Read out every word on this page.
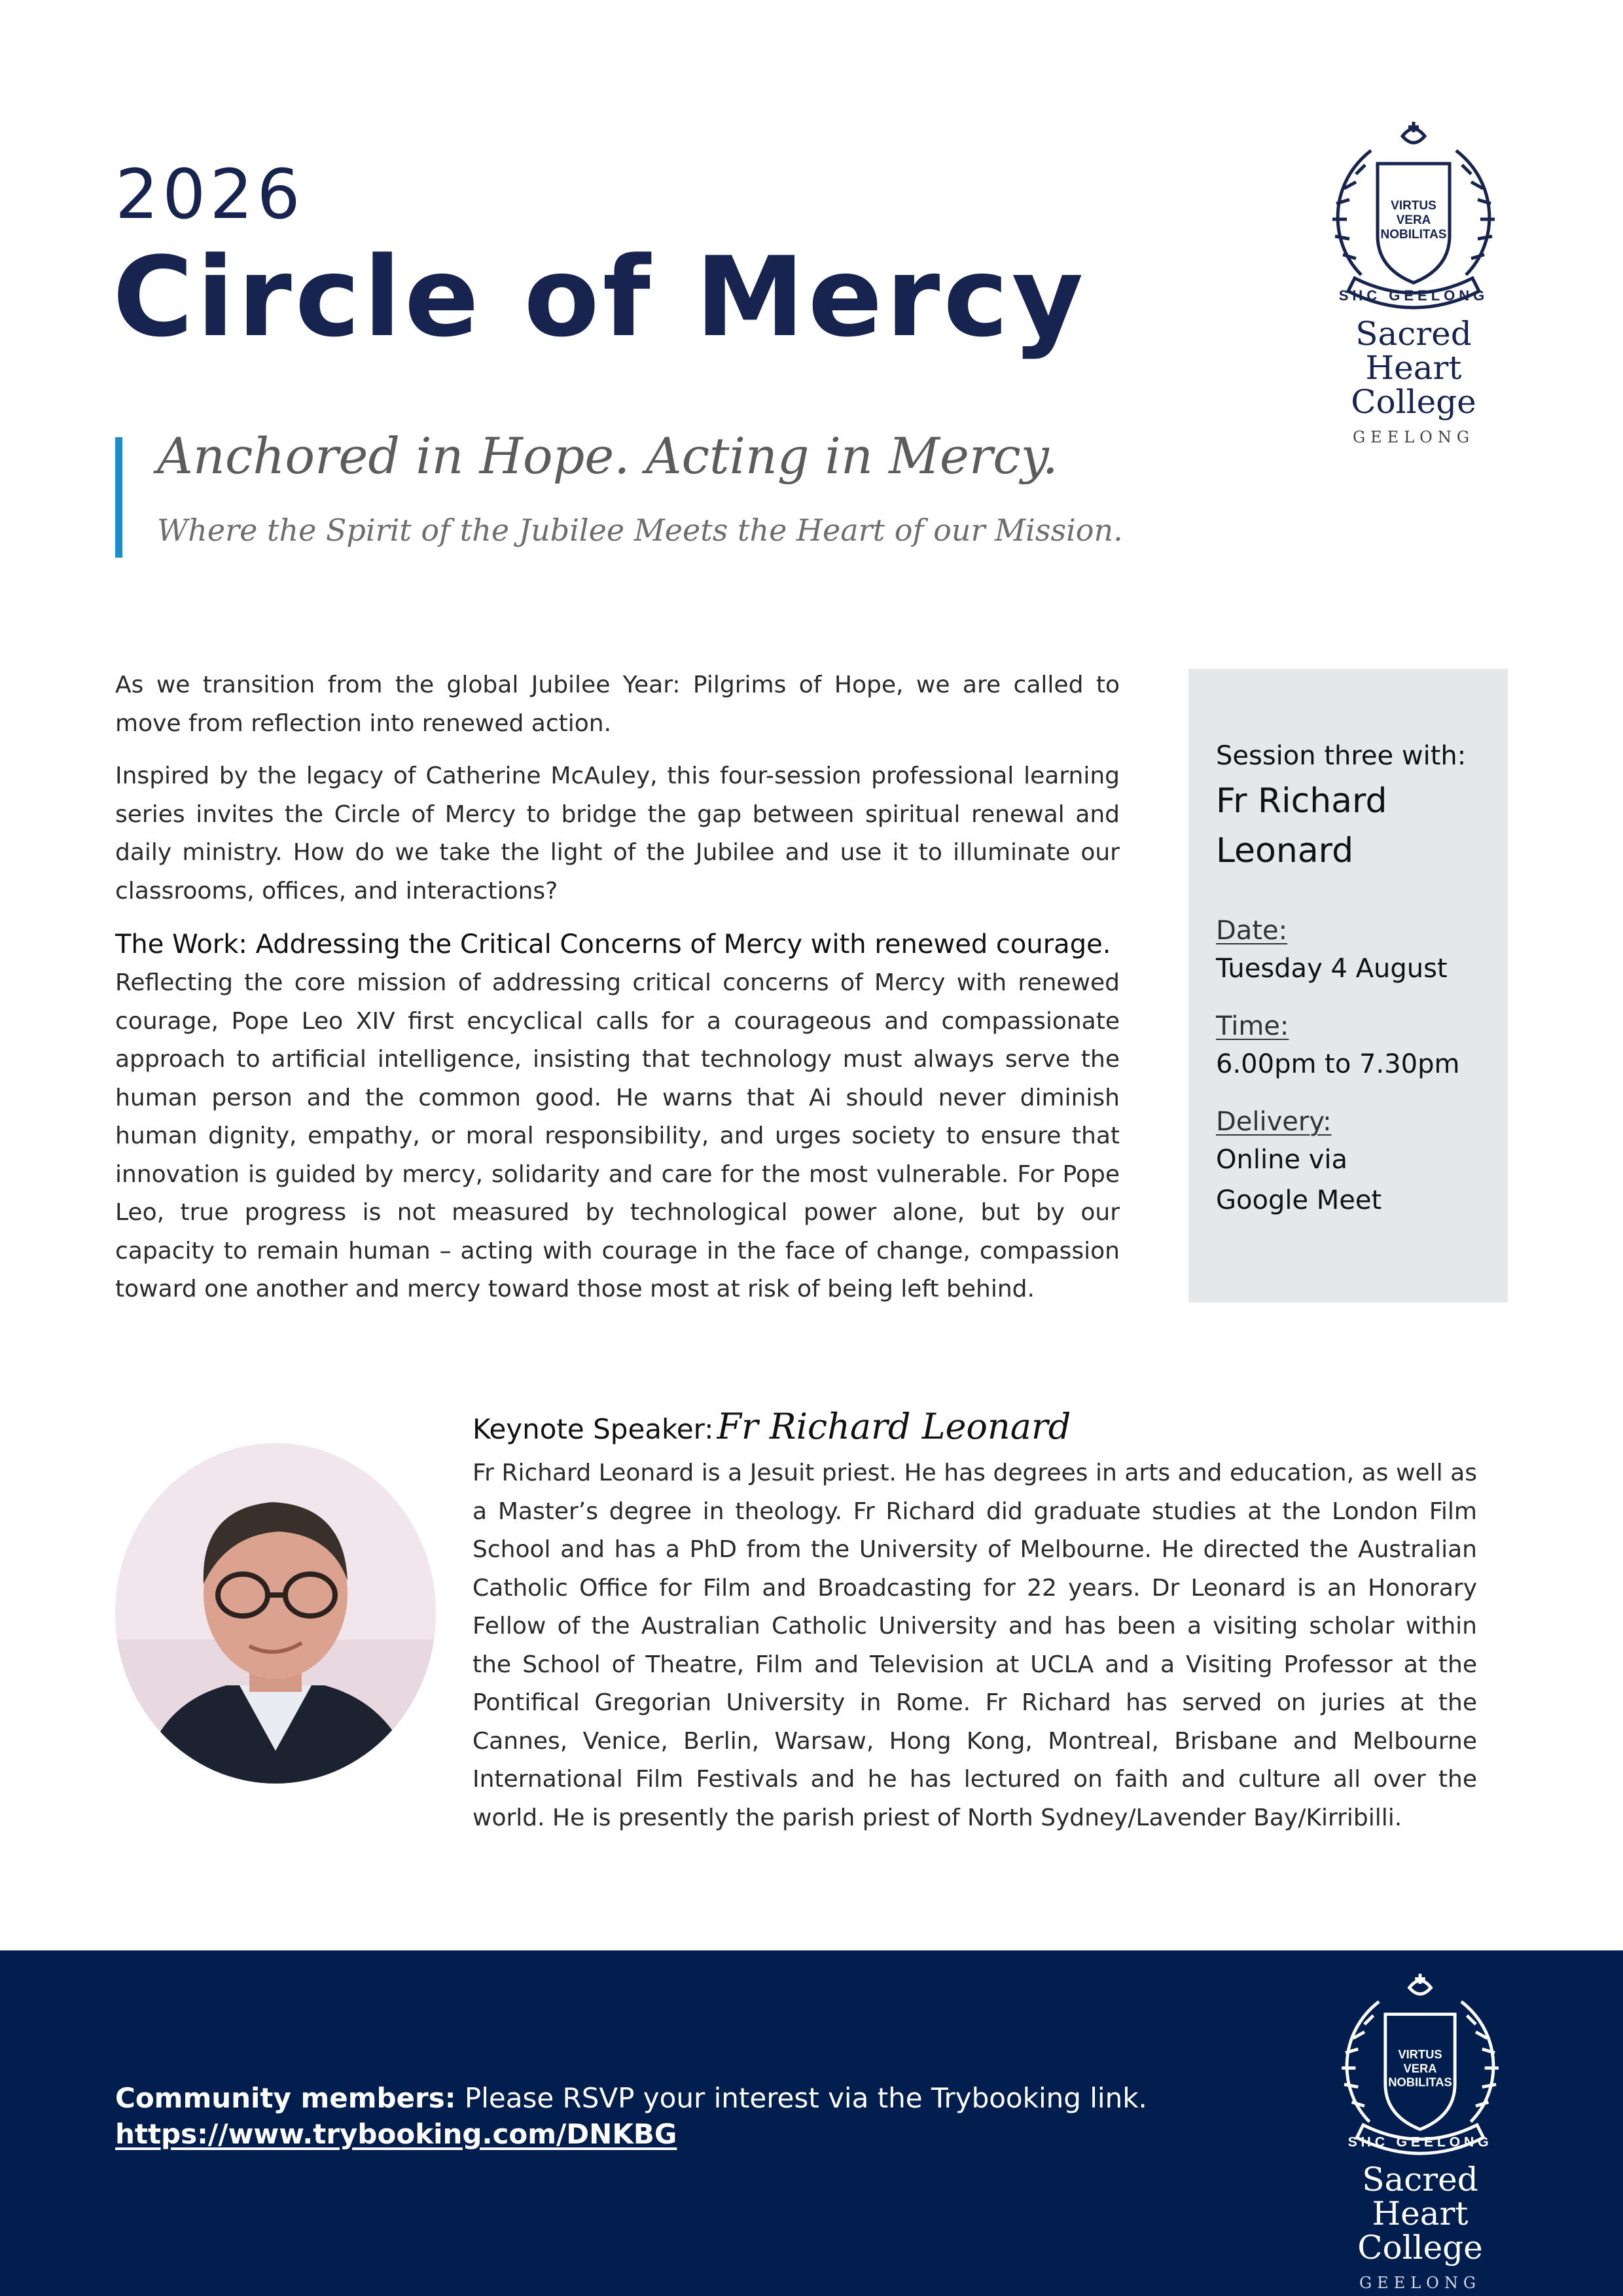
2026
Circle of Mercy
Anchored in Hope. Acting in Mercy.
Where the Spirit of the Jubilee Meets the Heart of our Mission.
VIRTUS
VERA
NOBILITAS
SHC GEELONG
Sacred Heart
College
GEELONG

As we transition from the global Jubilee Year: Pilgrims of Hope, we are called to move from reflection into renewed action.

Inspired by the legacy of Catherine McAuley, this four-session professional learning series invites the Circle of Mercy to bridge the gap between spiritual renewal and daily ministry. How do we take the light of the Jubilee and use it to illuminate our classrooms, offices, and interactions?

The Work: Addressing the Critical Concerns of Mercy with renewed courage.

Reflecting the core mission of addressing critical concerns of Mercy with renewed courage, Pope Leo XIV first encyclical calls for a courageous and compassionate approach to artificial intelligence, insisting that technology must always serve the human person and the common good. He warns that Ai should never diminish human dignity, empathy, or moral responsibility, and urges society to ensure that innovation is guided by mercy, solidarity and care for the most vulnerable. For Pope Leo, true progress is not measured by technological power alone, but by our capacity to remain human – acting with courage in the face of change, compassion toward one another and mercy toward those most at risk of being left behind.

Session three with:
Fr Richard
Leonard
Date:
Tuesday 4 August
Time:
6.00pm to 7.30pm
Delivery:
Online via
Google Meet
Keynote Speaker: Fr Richard Leonard
Fr Richard Leonard is a Jesuit priest. He has degrees in arts and education, as well as a Master’s degree in theology. Fr Richard did graduate studies at the London Film School and has a PhD from the University of Melbourne. He directed the Australian Catholic Office for Film and Broadcasting for 22 years. Dr Leonard is an Honorary Fellow of the Australian Catholic University and has been a visiting scholar within the School of Theatre, Film and Television at UCLA and a Visiting Professor at the Pontifical Gregorian University in Rome. Fr Richard has served on juries at the Cannes, Venice, Berlin, Warsaw, Hong Kong, Montreal, Brisbane and Melbourne International Film Festivals and he has lectured on faith and culture all over the world. He is presently the parish priest of North Sydney/Lavender Bay/Kirribilli.
Community members: Please RSVP your interest via the Trybooking link.
https://www.trybooking.com/DNKBG
VIRTUS
VERA
NOBILITAS
SHC GEELONG
Sacred Heart
College
GEELONG
